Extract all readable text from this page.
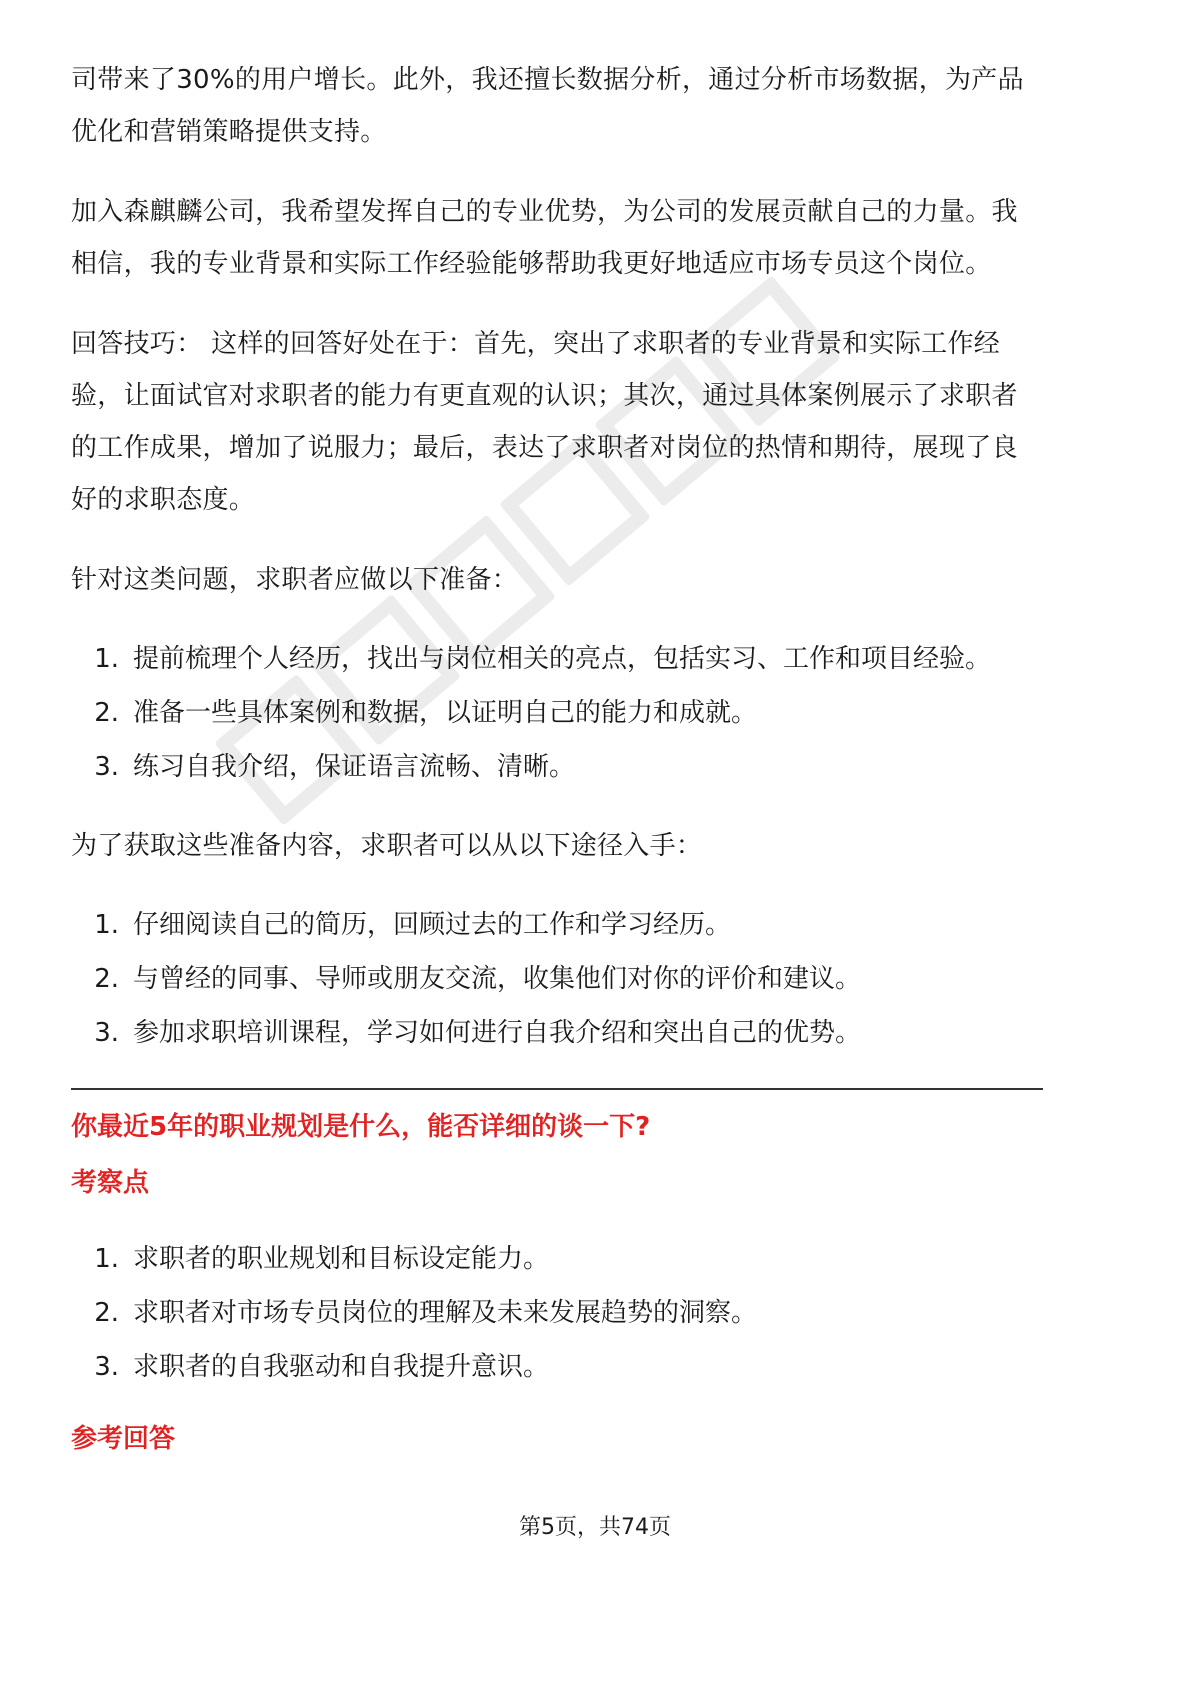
司带来了30%的用户增长。此外，我还擅长数据分析，通过分析市场数据，为产品
优化和营销策略提供支持。

加入森麒麟公司，我希望发挥自己的专业优势，为公司的发展贡献自己的力量。我
相信，我的专业背景和实际工作经验能够帮助我更好地适应市场专员这个岗位。

回答技巧： 这样的回答好处在于：首先，突出了求职者的专业背景和实际工作经
验，让面试官对求职者的能力有更直观的认识；其次，通过具体案例展示了求职者
的工作成果，增加了说服力；最后，表达了求职者对岗位的热情和期待，展现了良
好的求职态度。

针对这类问题，求职者应做以下准备：

1. 提前梳理个人经历，找出与岗位相关的亮点，包括实习、工作和项目经验。
2. 准备一些具体案例和数据，以证明自己的能力和成就。
3. 练习自我介绍，保证语言流畅、清晰。

为了获取这些准备内容，求职者可以从以下途径入手：

1. 仔细阅读自己的简历，回顾过去的工作和学习经历。
2. 与曾经的同事、导师或朋友交流，收集他们对你的评价和建议。
3. 参加求职培训课程，学习如何进行自我介绍和突出自己的优势。
你最近5年的职业规划是什么，能否详细的谈一下?
考察点
1. 求职者的职业规划和目标设定能力。
2. 求职者对市场专员岗位的理解及未来发展趋势的洞察。
3. 求职者的自我驱动和自我提升意识。
参考回答
第5页，共74页
